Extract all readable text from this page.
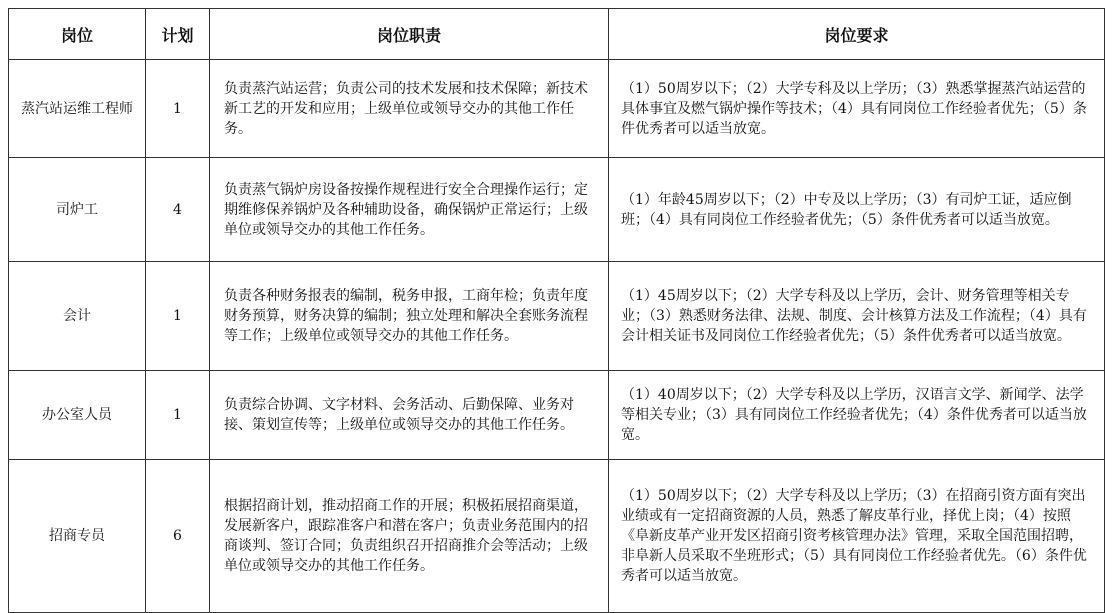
岗位	计划	岗位职责	岗位要求
蒸汽站运维工程师	1	负责蒸汽站运营；负责公司的技术发展和技术保障；新技术新工艺的开发和应用；上级单位或领导交办的其他工作任务。	（1）50周岁以下；（2）大学专科及以上学历；（3）熟悉掌握蒸汽站运营的具体事宜及燃气锅炉操作等技术；（4）具有同岗位工作经验者优先；（5）条件优秀者可以适当放宽。
司炉工	4	负责蒸气锅炉房设备按操作规程进行安全合理操作运行；定期维修保养锅炉及各种辅助设备，确保锅炉正常运行；上级单位或领导交办的其他工作任务。	（1）年龄45周岁以下；（2）中专及以上学历；（3）有司炉工证，适应倒班；（4）具有同岗位工作经验者优先；（5）条件优秀者可以适当放宽。
会计	1	负责各种财务报表的编制，税务申报，工商年检；负责年度财务预算，财务决算的编制；独立处理和解决全套账务流程等工作；上级单位或领导交办的其他工作任务。	（1）45周岁以下；（2）大学专科及以上学历，会计、财务管理等相关专业；（3）熟悉财务法律、法规、制度、会计核算方法及工作流程；（4）具有会计相关证书及同岗位工作经验者优先；（5）条件优秀者可以适当放宽。
办公室人员	1	负责综合协调、文字材料、会务活动、后勤保障、业务对接、策划宣传等；上级单位或领导交办的其他工作任务。	（1）40周岁以下；（2）大学专科及以上学历，汉语言文学、新闻学、法学等相关专业；（3）具有同岗位工作经验者优先；（4）条件优秀者可以适当放宽。
招商专员	6	根据招商计划，推动招商工作的开展；积极拓展招商渠道，发展新客户，跟踪准客户和潜在客户；负责业务范围内的招商谈判、签订合同；负责组织召开招商推介会等活动；上级单位或领导交办的其他工作任务。	（1）50周岁以下；（2）大学专科及以上学历；（3）在招商引资方面有突出业绩或有一定招商资源的人员，熟悉了解皮革行业，择优上岗；（4）按照《阜新皮革产业开发区招商引资考核管理办法》管理，采取全国范围招聘，非阜新人员采取不坐班形式；（5）具有同岗位工作经验者优先。（6）条件优秀者可以适当放宽。
